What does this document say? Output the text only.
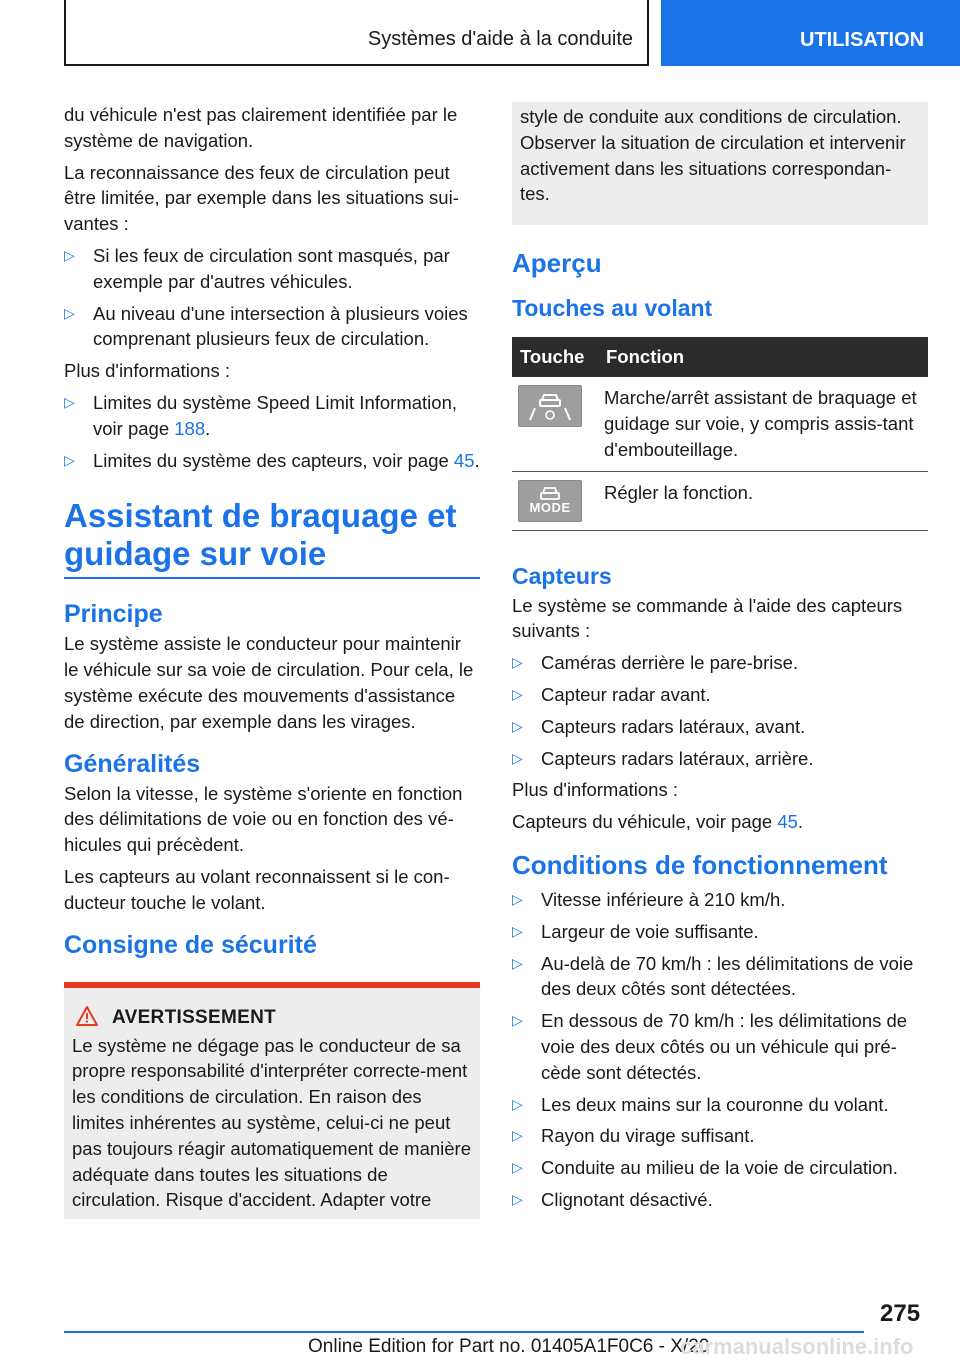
Systèmes d'aide à la conduite	UTILISATION

du véhicule n'est pas clairement identifiée par le système de navigation.

La reconnaissance des feux de circulation peut être limitée, par exemple dans les situations sui-vantes :

▷ Si les feux de circulation sont masqués, par exemple par d'autres véhicules.
▷ Au niveau d'une intersection à plusieurs voies comprenant plusieurs feux de circulation.

Plus d'informations :

▷ Limites du système Speed Limit Information, voir page 188.
▷ Limites du système des capteurs, voir page 45.
Assistant de braquage et guidage sur voie
Principe

Le système assiste le conducteur pour maintenir le véhicule sur sa voie de circulation. Pour cela, le système exécute des mouvements d'assistance de direction, par exemple dans les virages.

Généralités

Selon la vitesse, le système s'oriente en fonction des délimitations de voie ou en fonction des vé-hicules qui précèdent.

Les capteurs au volant reconnaissent si le con-ducteur touche le volant.

Consigne de sécurité
AVERTISSEMENT

Le système ne dégage pas le conducteur de sa propre responsabilité d'interpréter correcte-ment les conditions de circulation. En raison des limites inhérentes au système, celui-ci ne peut pas toujours réagir automatiquement de manière adéquate dans toutes les situations de circulation. Risque d'accident. Adapter votre

style de conduite aux conditions de circulation. Observer la situation de circulation et intervenir activement dans les situations correspondan-tes.

Aperçu
Touches au volant
Touche	Fonction

	Marche/arrêt assistant de braquage et guidage sur voie, y compris assis-tant d'embouteillage.

MODE	Régler la fonction.
Capteurs

Le système se commande à l'aide des capteurs suivants :

▷ Caméras derrière le pare-brise.
▷ Capteur radar avant.
▷ Capteurs radars latéraux, avant.
▷ Capteurs radars latéraux, arrière.

Plus d'informations :

Capteurs du véhicule, voir page 45.

Conditions de fonctionnement
▷ Vitesse inférieure à 210 km/h.
▷ Largeur de voie suffisante.
▷ Au-delà de 70 km/h : les délimitations de voie des deux côtés sont détectées.
▷ En dessous de 70 km/h : les délimitations de voie des deux côtés ou un véhicule qui pré-cède sont détectés.
▷ Les deux mains sur la couronne du volant.
▷ Rayon du virage suffisant.
▷ Conduite au milieu de la voie de circulation.
▷ Clignotant désactivé.
275
Online Edition for Part no. 01405A1F0C6 - X/20
carmanualsonline.info
